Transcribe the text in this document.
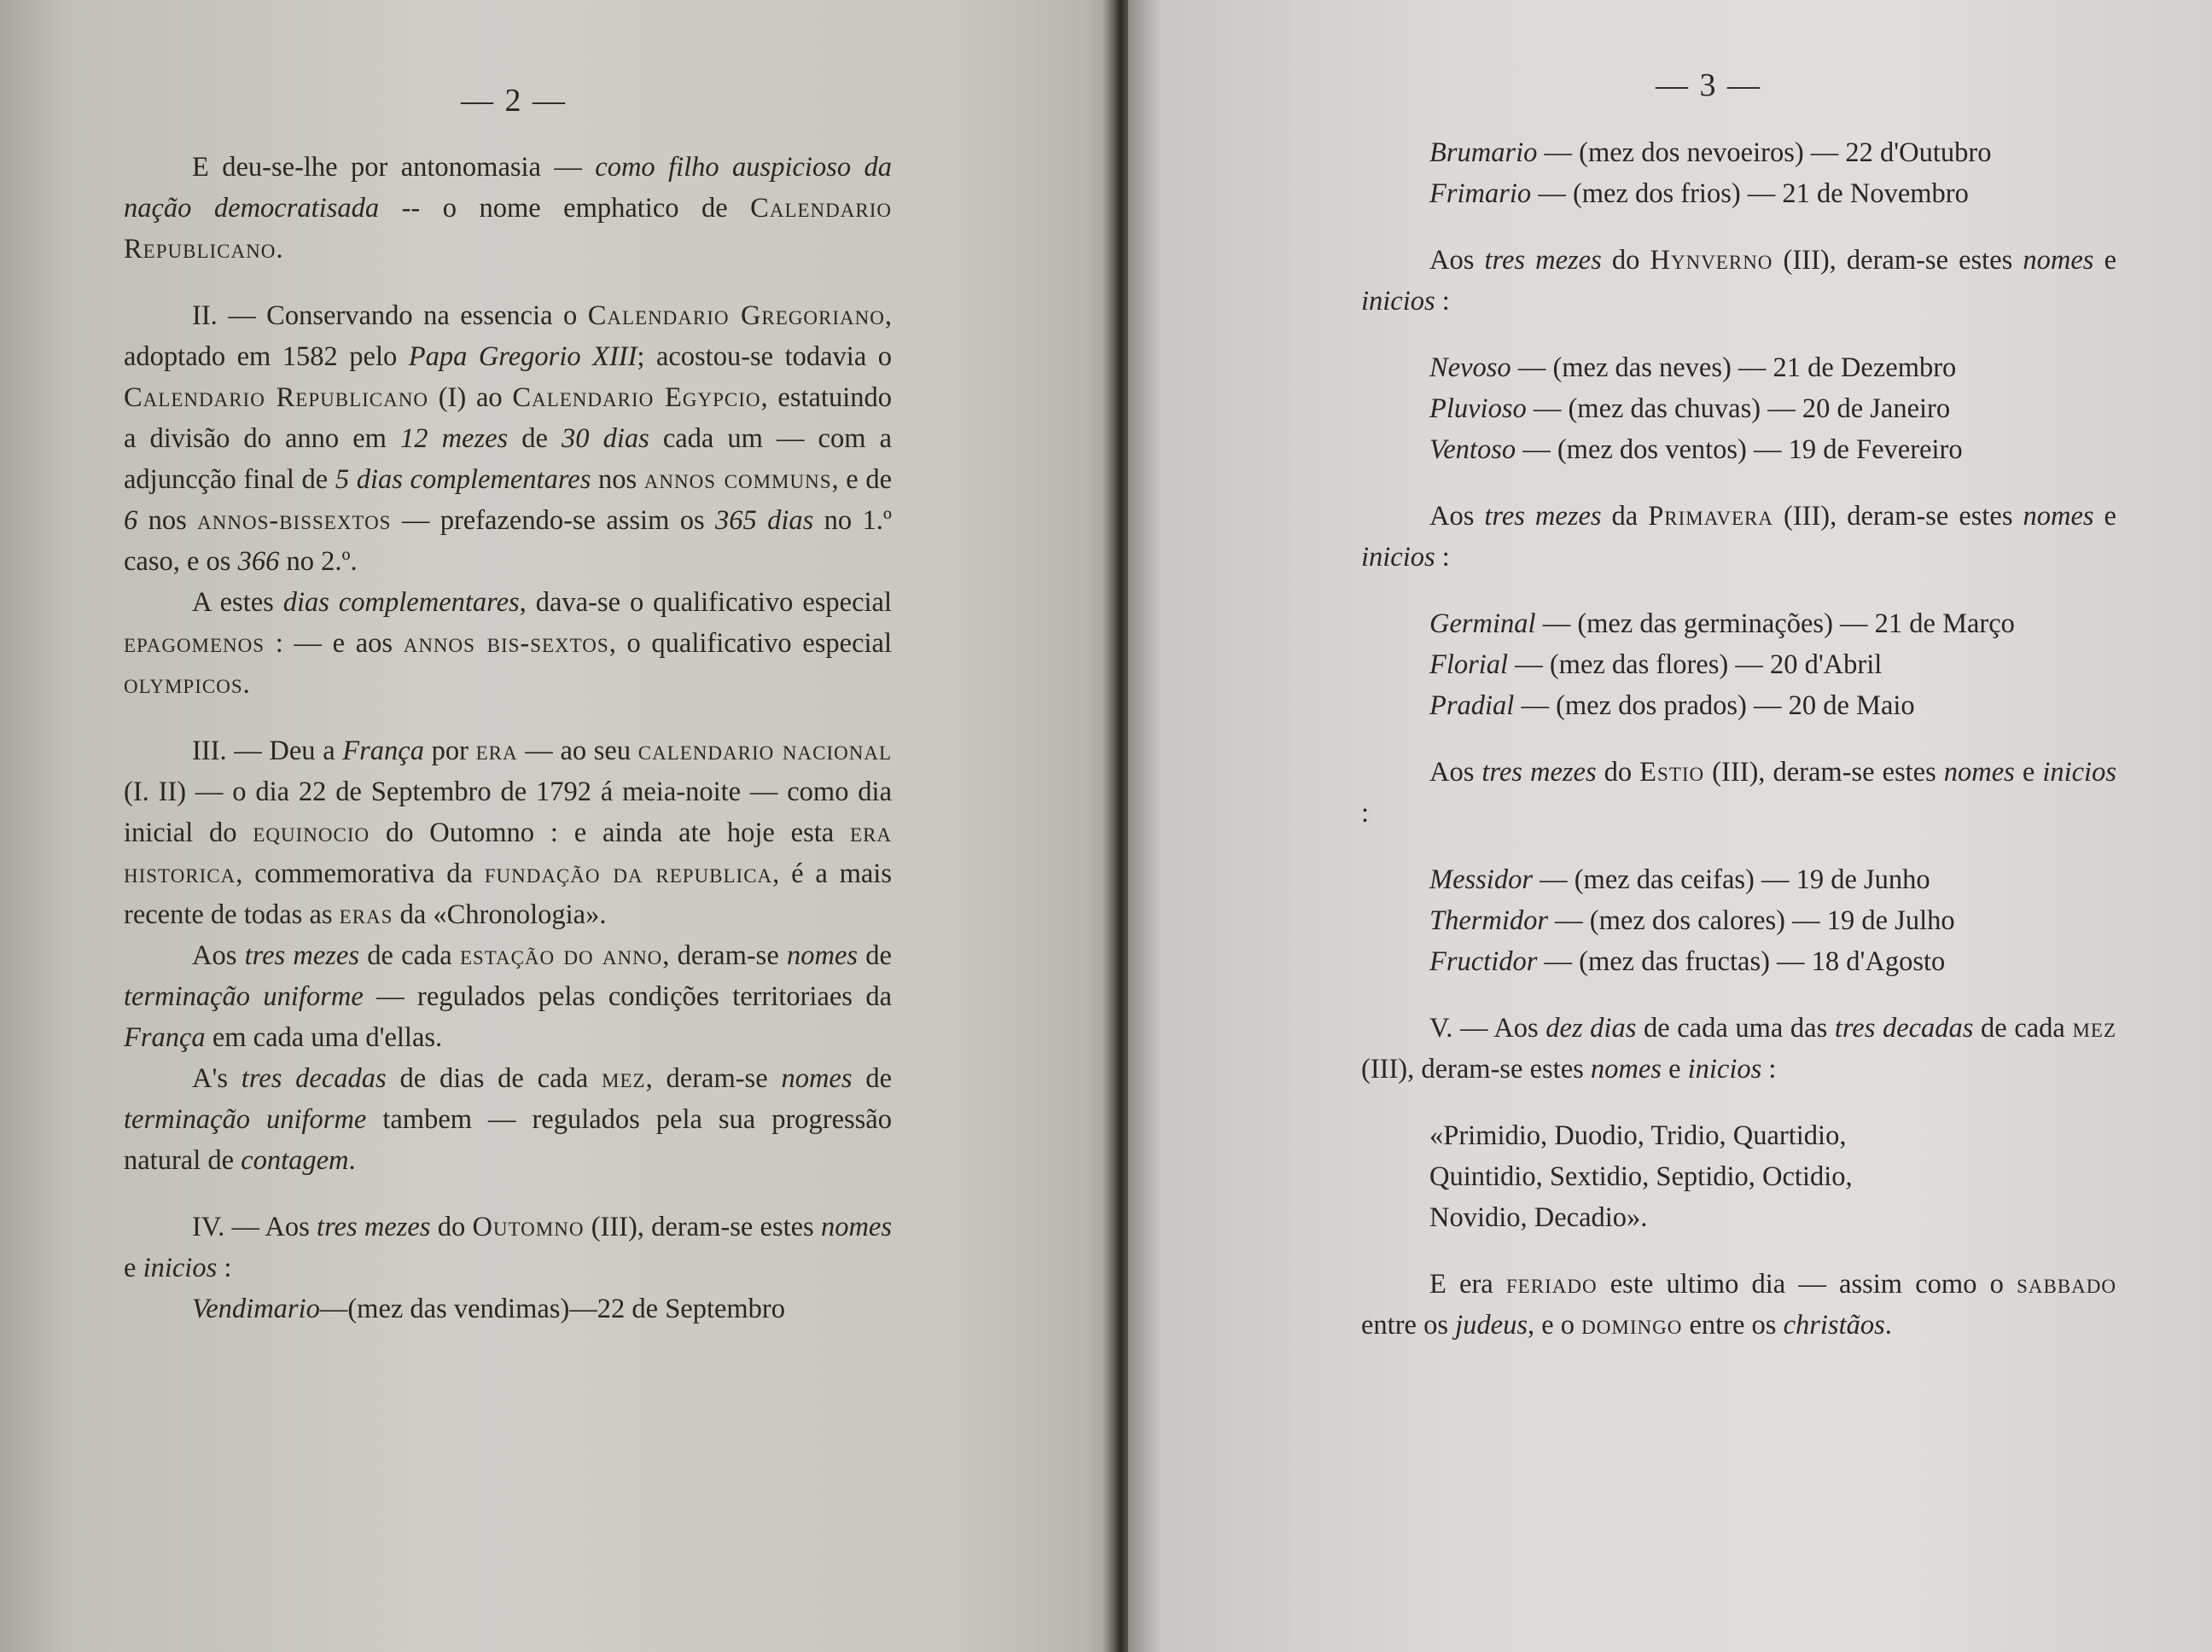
— 2 —

E deu-se-lhe por antonomasia — como filho auspicioso da nação democratisada -- o nome emphatico de Calendario Republicano.

II. — Conservando na essencia o Calendario Gregoriano, adoptado em 1582 pelo Papa Gregorio XIII; acostou-se todavia o Calendario Republicano (I) ao Calendario Egypcio, estatuindo a divisão do anno em 12 mezes de 30 dias cada um — com a adjuncção final de 5 dias complementares nos annos communs, e de 6 nos annos-bissextos — prefazendo-se assim os 365 dias no 1.º caso, e os 366 no 2.º.

A estes dias complementares, dava-se o qualificativo especial epagomenos : — e aos annos bis-sextos, o qualificativo especial olympicos.

III. — Deu a França por era — ao seu calendario nacional (I. II) — o dia 22 de Septembro de 1792 á meia-noite — como dia inicial do equinocio do Outomno : e ainda ate hoje esta era historica, commemorativa da fundação da republica, é a mais recente de todas as eras da «Chronologia».

Aos tres mezes de cada estação do anno, deram-se nomes de terminação uniforme — regulados pelas condições territoriaes da França em cada uma d'ellas.

A's tres decadas de dias de cada mez, deram-se nomes de terminação uniforme tambem — regulados pela sua progressão natural de contagem.

IV. — Aos tres mezes do Outomno (III), deram-se estes nomes e inicios :

Vendimario—(mez das vendimas)—22 de Septembro

— 3 —

Brumario — (mez dos nevoeiros) — 22 d'Outubro

Frimario — (mez dos frios) — 21 de Novembro

Aos tres mezes do Hynverno (III), deram-se estes nomes e inicios :

Nevoso — (mez das neves) — 21 de Dezembro

Pluvioso — (mez das chuvas) — 20 de Janeiro

Ventoso — (mez dos ventos) — 19 de Fevereiro

Aos tres mezes da Primavera (III), deram-se estes nomes e inicios :

Germinal — (mez das germinações) — 21 de Março

Florial — (mez das flores) — 20 d'Abril

Pradial — (mez dos prados) — 20 de Maio

Aos tres mezes do Estio (III), deram-se estes nomes e inicios :

Messidor — (mez das ceifas) — 19 de Junho

Thermidor — (mez dos calores) — 19 de Julho

Fructidor — (mez das fructas) — 18 d'Agosto

V. — Aos dez dias de cada uma das tres decadas de cada mez (III), deram-se estes nomes e inicios :

«Primidio, Duodio, Tridio, Quartidio,

Quintidio, Sextidio, Septidio, Octidio,

Novidio, Decadio».

E era feriado este ultimo dia — assim como o sabbado entre os judeus, e o domingo entre os christãos.
